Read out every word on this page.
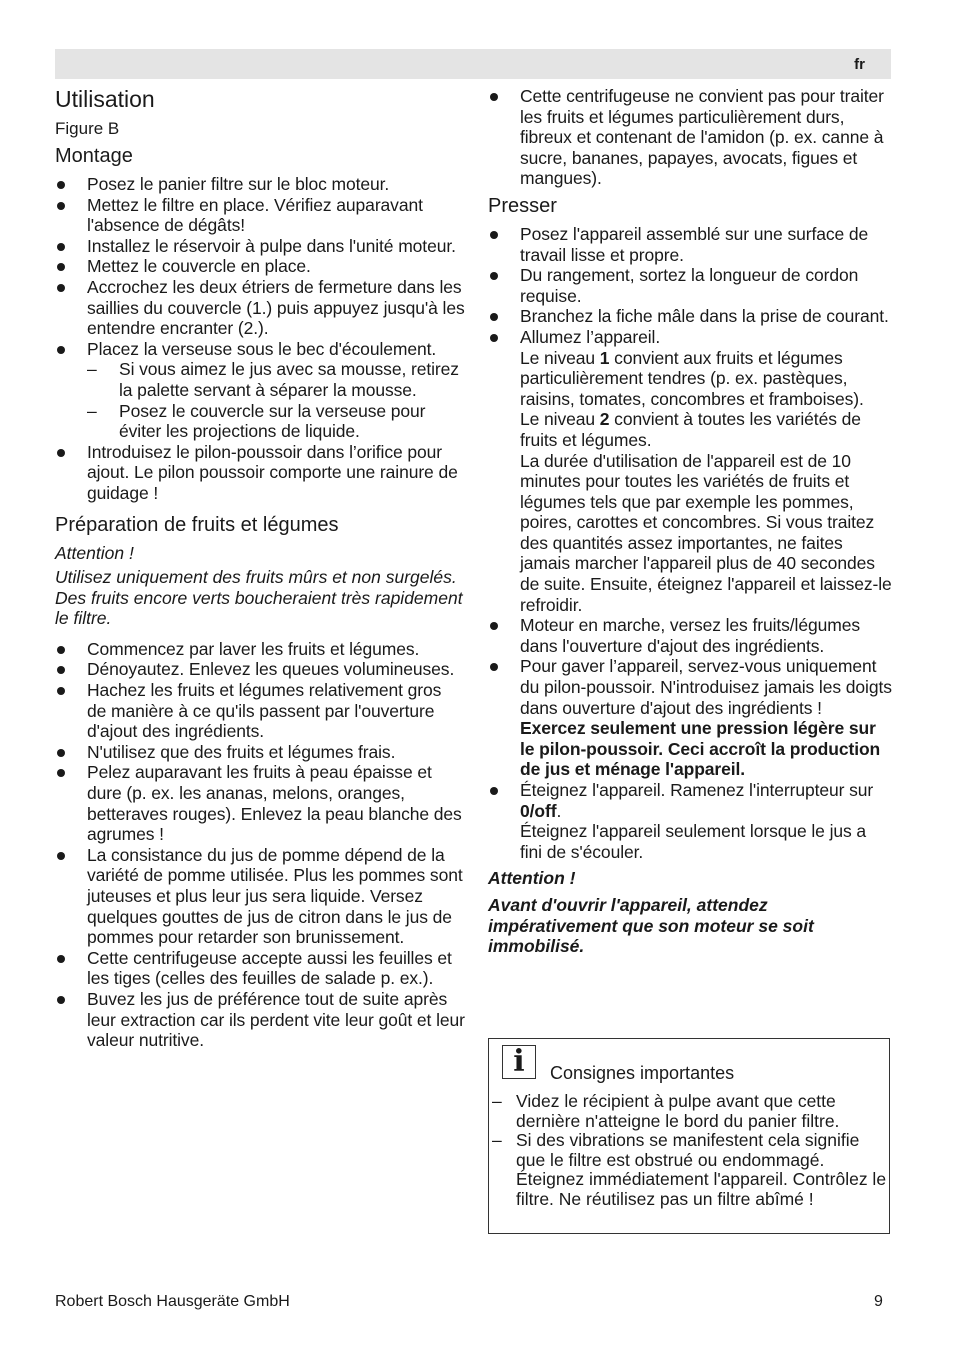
fr
Utilisation
Figure B
Montage
Posez le panier filtre sur le bloc moteur.
Mettez le filtre en place. Vérifiez auparavant l'absence de dégâts!
Installez le réservoir à pulpe dans l'unité moteur.
Mettez le couvercle en place.
Accrochez les deux étriers de fermeture dans les saillies du couvercle (1.) puis appuyez jusqu'à les entendre encranter (2.).
Placez la verseuse sous le bec d'écoulement.
– Si vous aimez le jus avec sa mousse, retirez la palette servant à séparer la mousse.
– Posez le couvercle sur la verseuse pour éviter les projections de liquide.
Introduisez le pilon-poussoir dans l’orifice pour ajout. Le pilon poussoir comporte une rainure de guidage !
Préparation de fruits et légumes
Attention !
Utilisez uniquement des fruits mûrs et non surgelés. Des fruits encore verts boucheraient très rapidement le filtre.
Commencez par laver les fruits et légumes.
Dénoyautez. Enlevez les queues volumineuses.
Hachez les fruits et légumes relativement gros de manière à ce qu'ils passent par l'ouverture d'ajout des ingrédients.
N'utilisez que des fruits et légumes frais.
Pelez auparavant les fruits à peau épaisse et dure (p. ex. les ananas, melons, oranges, betteraves rouges). Enlevez la peau blanche des agrumes !
La consistance du jus de pomme dépend de la variété de pomme utilisée. Plus les pommes sont juteuses et plus leur jus sera liquide. Versez quelques gouttes de jus de citron dans le jus de pommes pour retarder son brunissement.
Cette centrifugeuse accepte aussi les feuilles et les tiges (celles des feuilles de salade p. ex.).
Buvez les jus de préférence tout de suite après leur extraction car ils perdent vite leur goût et leur valeur nutritive.
Cette centrifugeuse ne convient pas pour traiter les fruits et légumes particulièrement durs, fibreux et contenant de l'amidon (p. ex. canne à sucre, bananes, papayes, avocats, figues et mangues).
Presser
Posez l'appareil assemblé sur une surface de travail lisse et propre.
Du rangement, sortez la longueur de cordon requise.
Branchez la fiche mâle dans la prise de courant.
Allumez l’appareil.
Le niveau 1 convient aux fruits et légumes particulièrement tendres (p. ex. pastèques, raisins, tomates, concombres et framboises).
Le niveau 2 convient à toutes les variétés de fruits et légumes.
La durée d'utilisation de l'appareil est de 10 minutes pour toutes les variétés de fruits et légumes tels que par exemple les pommes, poires, carottes et concombres. Si vous traitez des quantités assez importantes, ne faites jamais marcher l'appareil plus de 40 secondes de suite. Ensuite, éteignez l'appareil et laissez-le refroidir.
Moteur en marche, versez les fruits/légumes dans l'ouverture d'ajout des ingrédients.
Pour gaver l’appareil, servez-vous uniquement du pilon-poussoir. N'introduisez jamais les doigts dans ouverture d'ajout des ingrédients !
Exercez seulement une pression légère sur le pilon-poussoir. Ceci accroît la production de jus et ménage l'appareil.
Éteignez l'appareil. Ramenez l'interrupteur sur 0/off.
Éteignez l'appareil seulement lorsque le jus a fini de s'écouler.
Attention !
Avant d'ouvrir l'appareil, attendez impérativement que son moteur se soit immobilisé.
i	Consignes importantes
– Videz le récipient à pulpe avant que cette dernière n'atteigne le bord du panier filtre.
– Si des vibrations se manifestent cela signifie que le filtre est obstrué ou endommagé. Éteignez immédiatement l'appareil. Contrôlez le filtre. Ne réutilisez pas un filtre abîmé !
Robert Bosch Hausgeräte GmbH	9
